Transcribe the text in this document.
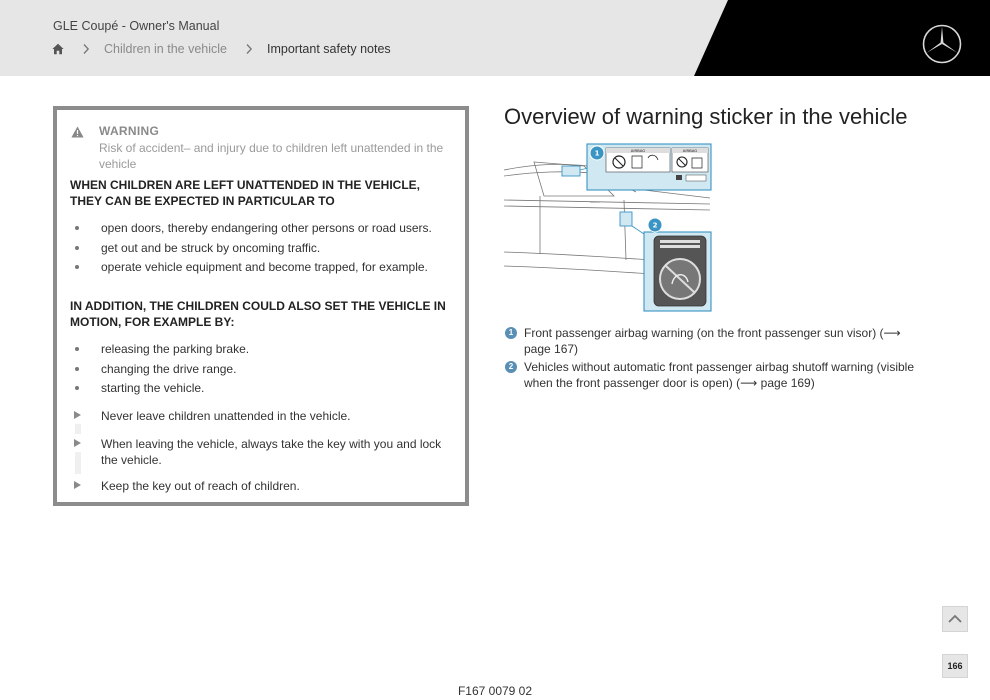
GLE Coupé - Owner's Manual
Children in the vehicle	Important safety notes
WARNING
Risk of accident– and injury due to children left unattended in the vehicle
WHEN CHILDREN ARE LEFT UNATTENDED IN THE VEHICLE, THEY CAN BE EXPECTED IN PARTICULAR TO
open doors, thereby endangering other persons or road users.
get out and be struck by oncoming traffic.
operate vehicle equipment and become trapped, for example.
IN ADDITION, THE CHILDREN COULD ALSO SET THE VEHICLE IN MOTION, FOR EXAMPLE BY:
releasing the parking brake.
changing the drive range.
starting the vehicle.
Never leave children unattended in the vehicle.
When leaving the vehicle, always take the key with you and lock the vehicle.
Keep the key out of reach of children.
Overview of warning sticker in the vehicle
AIRBAG	AIRBAG
1
2
1 Front passenger airbag warning (on the front passenger sun visor) (⟶ page 167)
2 Vehicles without automatic front passenger airbag shutoff warning (visible when the front passenger door is open) (⟶ page 169)
166
F167 0079 02
